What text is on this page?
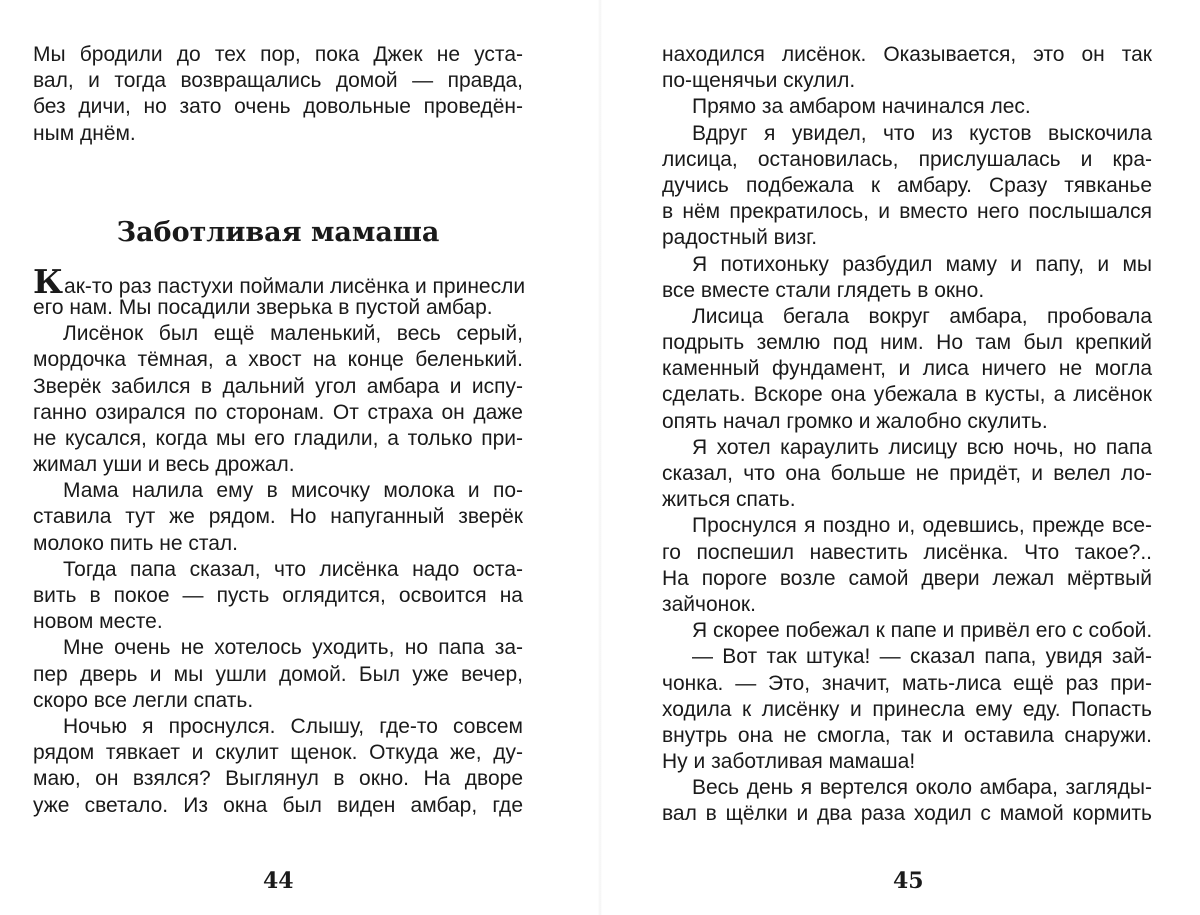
Мы бродили до тех пор, пока Джек не уста-
вал, и тогда возвращались домой — правда,
без дичи, но зато очень довольные проведён-
ным днём.
Заботливая мамаша
Как-то раз пастухи поймали лисёнка и принесли
его нам. Мы посадили зверька в пустой амбар.
Лисёнок был ещё маленький, весь серый,
мордочка тёмная, а хвост на конце беленький.
Зверёк забился в дальний угол амбара и испу-
ганно озирался по сторонам. От страха он даже
не кусался, когда мы его гладили, а только при-
жимал уши и весь дрожал.
Мама налила ему в мисочку молока и по-
ставила тут же рядом. Но напуганный зверёк
молоко пить не стал.
Тогда папа сказал, что лисёнка надо оста-
вить в покое — пусть оглядится, освоится на
новом месте.
Мне очень не хотелось уходить, но папа за-
пер дверь и мы ушли домой. Был уже вечер,
скоро все легли спать.
Ночью я проснулся. Слышу, где-то совсем
рядом тявкает и скулит щенок. Откуда же, ду-
маю, он взялся? Выглянул в окно. На дворе
уже светало. Из окна был виден амбар, где
44
находился лисёнок. Оказывается, это он так
по-щенячьи скулил.
Прямо за амбаром начинался лес.
Вдруг я увидел, что из кустов выскочила
лисица, остановилась, прислушалась и кра-
дучись подбежала к амбару. Сразу тявканье
в нём прекратилось, и вместо него послышался
радостный визг.
Я потихоньку разбудил маму и папу, и мы
все вместе стали глядеть в окно.
Лисица бегала вокруг амбара, пробовала
подрыть землю под ним. Но там был крепкий
каменный фундамент, и лиса ничего не могла
сделать. Вскоре она убежала в кусты, а лисёнок
опять начал громко и жалобно скулить.
Я хотел караулить лисицу всю ночь, но папа
сказал, что она больше не придёт, и велел ло-
житься спать.
Проснулся я поздно и, одевшись, прежде все-
го поспешил навестить лисёнка. Что такое?..
На пороге возле самой двери лежал мёртвый
зайчонок.
Я скорее побежал к папе и привёл его с собой.
— Вот так штука! — сказал папа, увидя зай-
чонка. — Это, значит, мать-лиса ещё раз при-
ходила к лисёнку и принесла ему еду. Попасть
внутрь она не смогла, так и оставила снаружи.
Ну и заботливая мамаша!
Весь день я вертелся около амбара, загляды-
вал в щёлки и два раза ходил с мамой кормить
45
